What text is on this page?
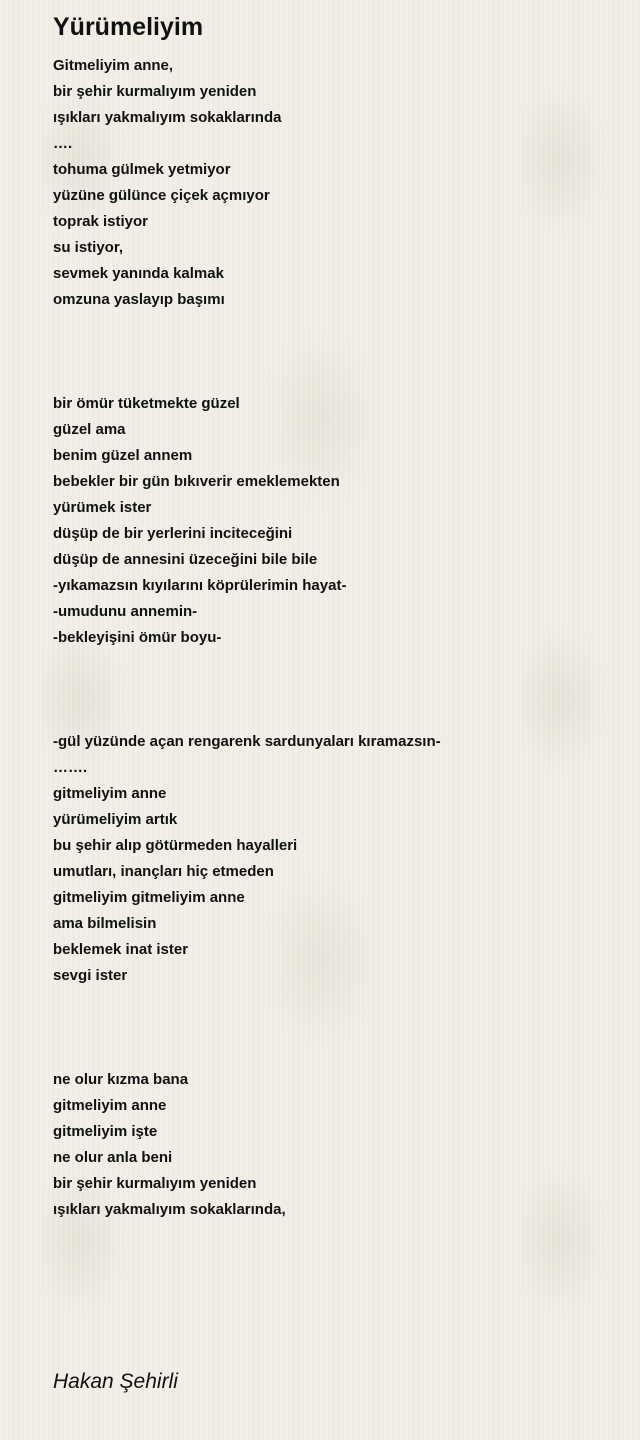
Yürümeliyim
Gitmeliyim anne,
bir şehir kurmalıyım yeniden
ışıkları yakmalıyım sokaklarında
….
tohuma gülmek yetmiyor
yüzüne gülünce çiçek açmıyor
toprak istiyor
su istiyor,
sevmek yanında kalmak
omzuna yaslayıp başımı
bir ömür tüketmekte güzel
güzel ama
benim güzel annem
bebekler bir gün bıkıverir emeklemekten
yürümek ister
düşüp de bir yerlerini inciteceğini
düşüp de annesini üzeceğini bile bile
-yıkamazsın kıyılarını köprülerimin hayat-
-umudunu annemin-
-bekleyişini ömür boyu-
-gül yüzünde açan rengarenk sardunyaları kıramazsın-
…….
gitmeliyim anne
yürümeliyim artık
bu şehir alıp götürmeden hayalleri
umutları, inançları hiç etmeden
gitmeliyim gitmeliyim anne
ama bilmelisin
beklemek inat ister
sevgi ister
ne olur kızma bana
gitmeliyim anne
gitmeliyim işte
ne olur anla beni
bir şehir kurmalıyım yeniden
ışıkları yakmalıyım sokaklarında,
Hakan Şehirli
